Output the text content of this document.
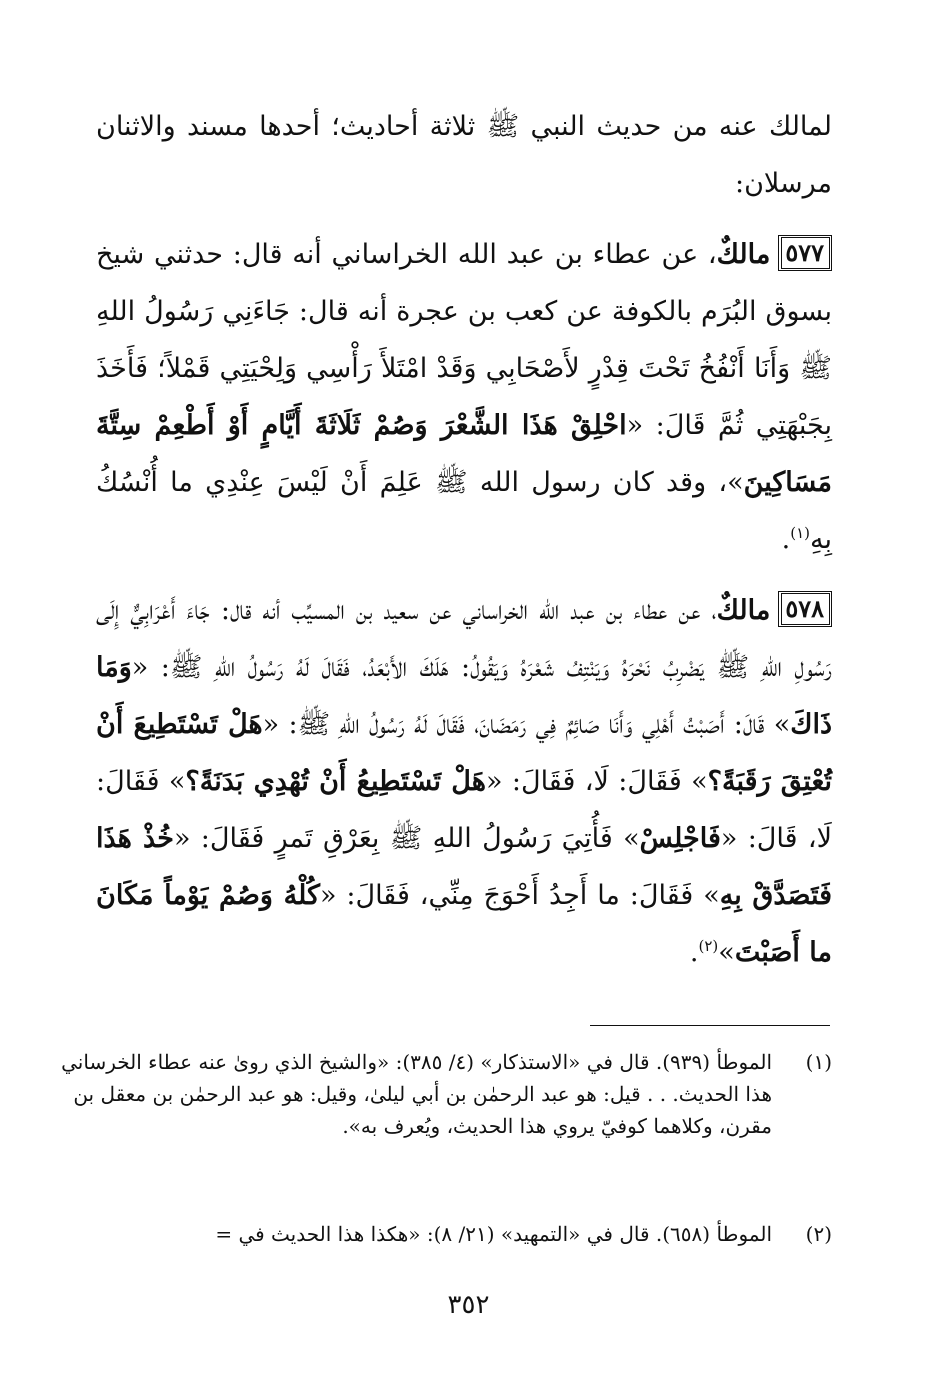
لمالك عنه من حديث النبي ﷺ ثلاثة أحاديث؛ أحدها مسند والاثنان مرسلان:

٥٧٧مالكٌ، عن عطاء بن عبد الله الخراساني أنه قال: حدثني شيخ بسوق البُرَم بالكوفة عن كعب بن عجرة أنه قال: جَاءَنِي رَسُولُ اللهِ ﷺ وَأَنَا أَنْفُخُ تَحْتَ قِدْرٍ لأَصْحَابِي وَقَدْ امْتَلأَ رَأْسِي وَلِحْيَتِي قَمْلاً؛ فَأَخَذَ بِجَبْهَتِي ثُمَّ قَالَ: «احْلِقْ هَذَا الشَّعْرَ وَصُمْ ثَلَاثَةَ أَيَّامٍ أَوْ أَطْعِمْ سِتَّةَ مَسَاكِينَ»، وقد كان رسول الله ﷺ عَلِمَ أَنْ لَيْسَ عِنْدِي ما أُنْسُكُ بِهِ$^{(١)}$.

٥٧٨مالكٌ، عن عطاء بن عبد الله الخراساني عن سعيد بن المسيِّب أنه قال: جَاءَ أَعْرَابِيٌّ إِلَى رَسُولِ اللهِ ﷺ يَضْرِبُ نَحْرَهُ وَيَنْتِفُ شَعْرَهُ وَيَقُولُ: هَلَكَ الأَبْعَدُ، فَقَالَ لَهُ رَسُولُ اللهِ ﷺ: «وَمَا ذَاكَ» قَالَ: أَصَبْتُ أَهْلِي وَأَنَا صَائِمٌ فِي رَمَضَانَ، فَقَالَ لَهُ رَسُولُ اللهِ ﷺ: «هَلْ تَسْتَطِيعَ أَنْ تُعْتِقَ رَقَبَةً؟» فَقَالَ: لَا، فَقَالَ: «هَلْ تَسْتَطِيعُ أَنْ تُهْدِي بَدَنَةً؟» فَقَالَ: لَا، قَالَ: «فَاجْلِسْ» فَأُتِيَ رَسُولُ اللهِ ﷺ بِعَرْقِ تَمرٍ فَقَالَ: «خُذْ هَذَا فَتَصَدَّقْ بِهِ» فَقَالَ: ما أَجِدُ أَحْوَجَ مِنِّي، فَقَالَ: «كُلْهُ وَصُمْ يَوْماً مَكَانَ ما أَصَبْتَ»$^{(٢)}$.

(١)
الموطأ (٩٣٩). قال في «الاستذكار» (٤/ ٣٨٥): «والشيخ الذي روىٰ عنه عطاء الخرساني هذا الحديث. . . قيل: هو عبد الرحمٰن بن أبي ليلىٰ، وقيل: هو عبد الرحمٰن بن معقل بن مقرن، وكلاهما كوفيّ يروي هذا الحديث، ويُعرف به».
(٢)
الموطأ (٦٥٨). قال في «التمهيد» (٢١/ ٨): «هكذا هذا الحديث في =
٣٥٢
